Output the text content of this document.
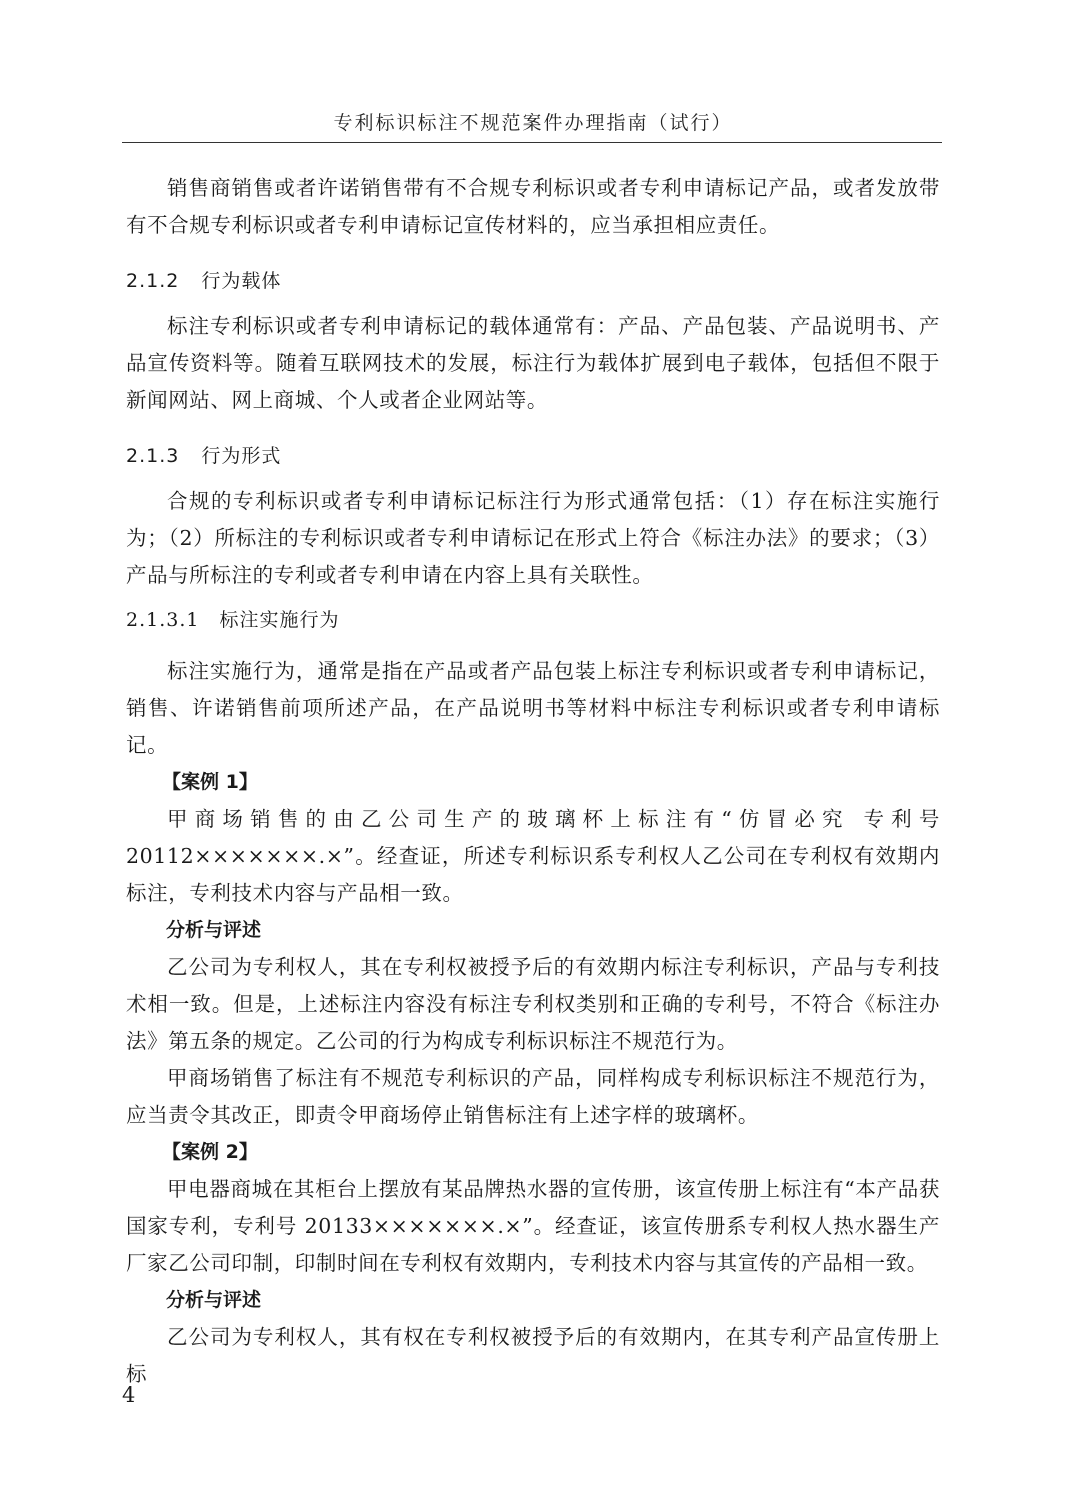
专利标识标注不规范案件办理指南（试行）

销售商销售或者许诺销售带有不合规专利标识或者专利申请标记产品，或者发放带有不合规专利标识或者专利申请标记宣传材料的，应当承担相应责任。

2.1.2 行为载体

标注专利标识或者专利申请标记的载体通常有：产品、产品包装、产品说明书、产品宣传资料等。随着互联网技术的发展，标注行为载体扩展到电子载体，包括但不限于新闻网站、网上商城、个人或者企业网站等。

2.1.3 行为形式

合规的专利标识或者专利申请标记标注行为形式通常包括：（1）存在标注实施行为；（2）所标注的专利标识或者专利申请标记在形式上符合《标注办法》的要求；（3）产品与所标注的专利或者专利申请在内容上具有关联性。

2.1.3.1 标注实施行为

标注实施行为，通常是指在产品或者产品包装上标注专利标识或者专利申请标记，销售、许诺销售前项所述产品，在产品说明书等材料中标注专利标识或者专利申请标记。

【案例 1】

甲商场销售的由乙公司生产的玻璃杯上标注有“仿冒必究 专利号 20112×××××××.×”。经查证，所述专利标识系专利权人乙公司在专利权有效期内标注，专利技术内容与产品相一致。

分析与评述

乙公司为专利权人，其在专利权被授予后的有效期内标注专利标识，产品与专利技术相一致。但是，上述标注内容没有标注专利权类别和正确的专利号，不符合《标注办法》第五条的规定。乙公司的行为构成专利标识标注不规范行为。

甲商场销售了标注有不规范专利标识的产品，同样构成专利标识标注不规范行为，应当责令其改正，即责令甲商场停止销售标注有上述字样的玻璃杯。

【案例 2】

甲电器商城在其柜台上摆放有某品牌热水器的宣传册，该宣传册上标注有“本产品获国家专利，专利号 20133×××××××.×”。经查证，该宣传册系专利权人热水器生产厂家乙公司印制，印制时间在专利权有效期内，专利技术内容与其宣传的产品相一致。

分析与评述

乙公司为专利权人，其有权在专利权被授予后的有效期内，在其专利产品宣传册上标

4
